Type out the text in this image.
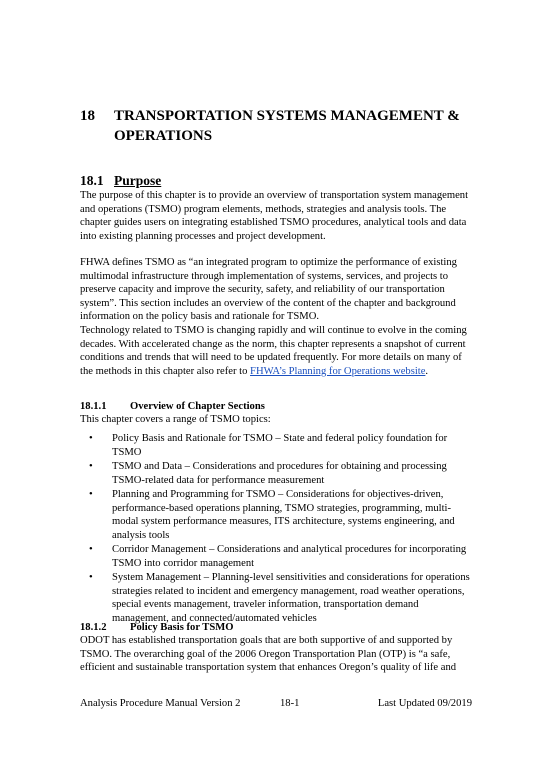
18	TRANSPORTATION SYSTEMS MANAGEMENT & OPERATIONS
18.1 Purpose

The purpose of this chapter is to provide an overview of transportation system management and operations (TSMO) program elements, methods, strategies and analysis tools. The chapter guides users on integrating established TSMO procedures, analytical tools and data into existing planning processes and project development.

FHWA defines TSMO as “an integrated program to optimize the performance of existing multimodal infrastructure through implementation of systems, services, and projects to preserve capacity and improve the security, safety, and reliability of our transportation system”. This section includes an overview of the content of the chapter and background information on the policy basis and rationale for TSMO.

Technology related to TSMO is changing rapidly and will continue to evolve in the coming decades. With accelerated change as the norm, this chapter represents a snapshot of current conditions and trends that will need to be updated frequently. For more details on many of the methods in this chapter also refer to FHWA’s Planning for Operations website.

18.1.1 Overview of Chapter Sections

This chapter covers a range of TSMO topics:

• Policy Basis and Rationale for TSMO – State and federal policy foundation for TSMO
• TSMO and Data – Considerations and procedures for obtaining and processing TSMO-related data for performance measurement
• Planning and Programming for TSMO – Considerations for objectives-driven, performance-based operations planning, TSMO strategies, programming, multi-modal system performance measures, ITS architecture, systems engineering, and analysis tools
• Corridor Management – Considerations and analytical procedures for incorporating TSMO into corridor management
• System Management – Planning-level sensitivities and considerations for operations strategies related to incident and emergency management, road weather operations, special events management, traveler information, transportation demand management, and connected/automated vehicles
18.1.2 Policy Basis for TSMO

ODOT has established transportation goals that are both supportive of and supported by TSMO. The overarching goal of the 2006 Oregon Transportation Plan (OTP) is “a safe, efficient and sustainable transportation system that enhances Oregon’s quality of life and

Analysis Procedure Manual Version 2	18-1	Last Updated 09/2019
